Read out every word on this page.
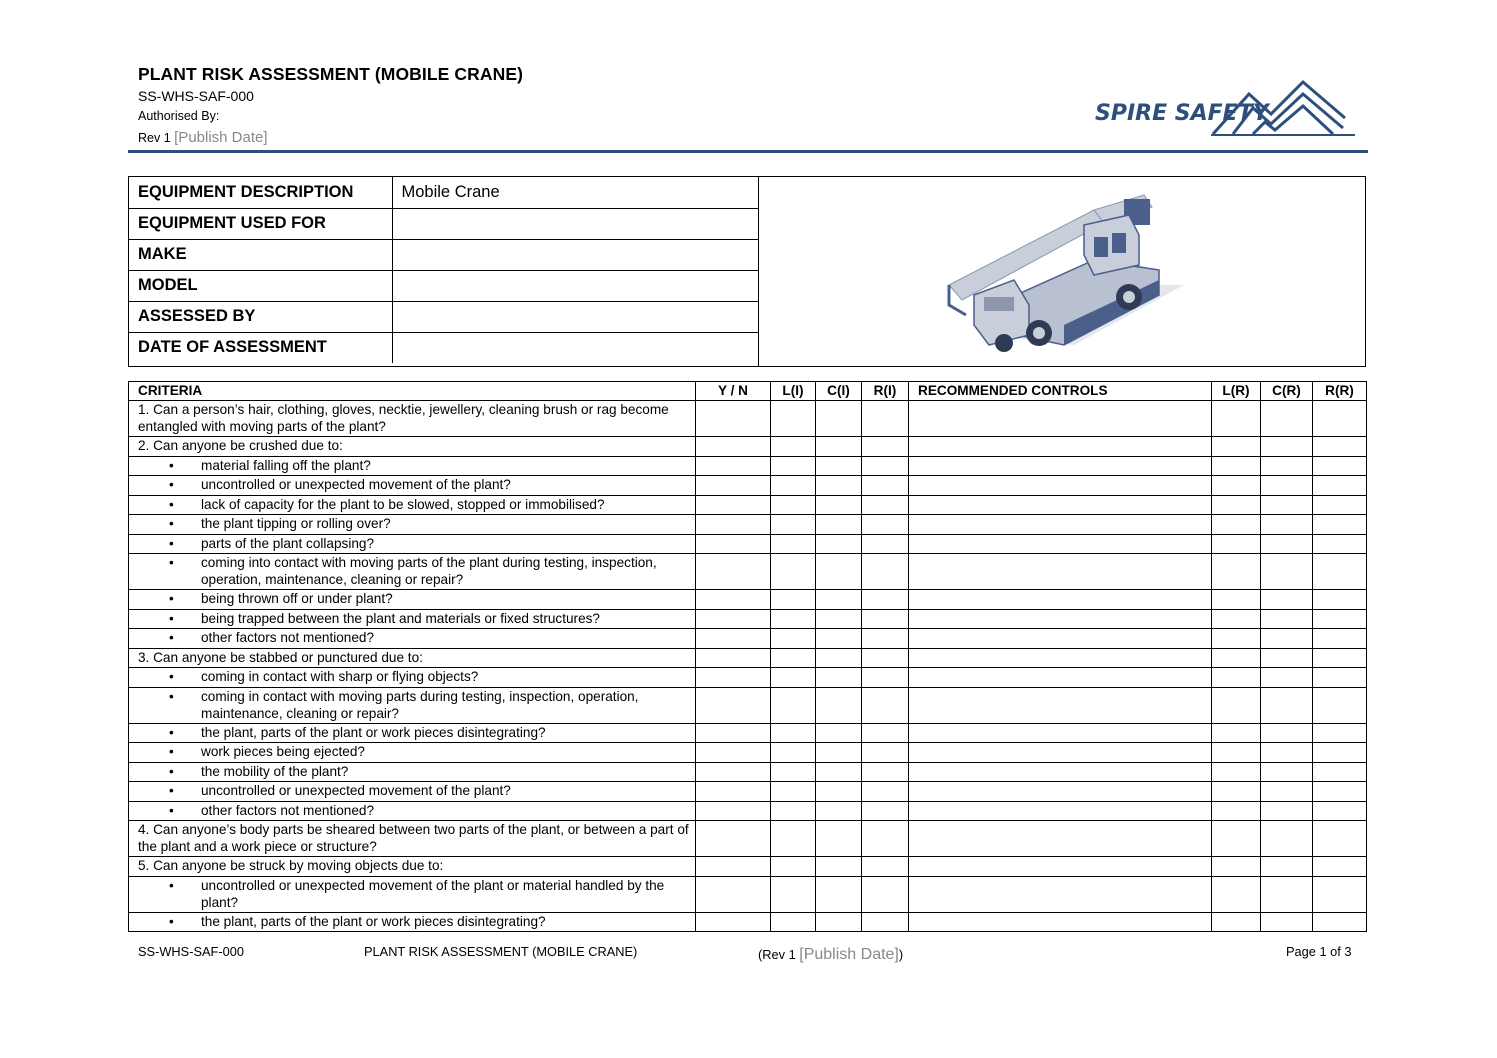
PLANT RISK ASSESSMENT (MOBILE CRANE)
SS-WHS-SAF-000
Authorised By:
Rev 1 [Publish Date]
SPIRE SAFETY
EQUIPMENT DESCRIPTION	Mobile Crane
EQUIPMENT USED FOR	
MAKE	
MODEL	
ASSESSED BY	
DATE OF ASSESSMENT	
CRITERIA	Y / N	L(I)	C(I)	R(I)	RECOMMENDED CONTROLS	L(R)	C(R)	R(R)
1. Can a person’s hair, clothing, gloves, necktie, jewellery, cleaning brush or rag become entangled with moving parts of the plant?								
2. Can anyone be crushed due to:								

• material falling off the plant?

• uncontrolled or unexpected movement of the plant?

• lack of capacity for the plant to be slowed, stopped or immobilised?

• the plant tipping or rolling over?

• parts of the plant collapsing?

• coming into contact with moving parts of the plant during testing, inspection, operation, maintenance, cleaning or repair?

• being thrown off or under plant?

• being trapped between the plant and materials or fixed structures?

• other factors not mentioned?

3. Can anyone be stabbed or punctured due to:								

• coming in contact with sharp or flying objects?

• coming in contact with moving parts during testing, inspection, operation, maintenance, cleaning or repair?

• the plant, parts of the plant or work pieces disintegrating?

• work pieces being ejected?

• the mobility of the plant?

• uncontrolled or unexpected movement of the plant?

• other factors not mentioned?

4. Can anyone’s body parts be sheared between two parts of the plant, or between a part of the plant and a work piece or structure?								
5. Can anyone be struck by moving objects due to:								

• uncontrolled or unexpected movement of the plant or material handled by the plant?

• the plant, parts of the plant or work pieces disintegrating?

SS-WHS-SAF-000	PLANT RISK ASSESSMENT (MOBILE CRANE)	(Rev 1 [Publish Date])	Page 1 of 3
